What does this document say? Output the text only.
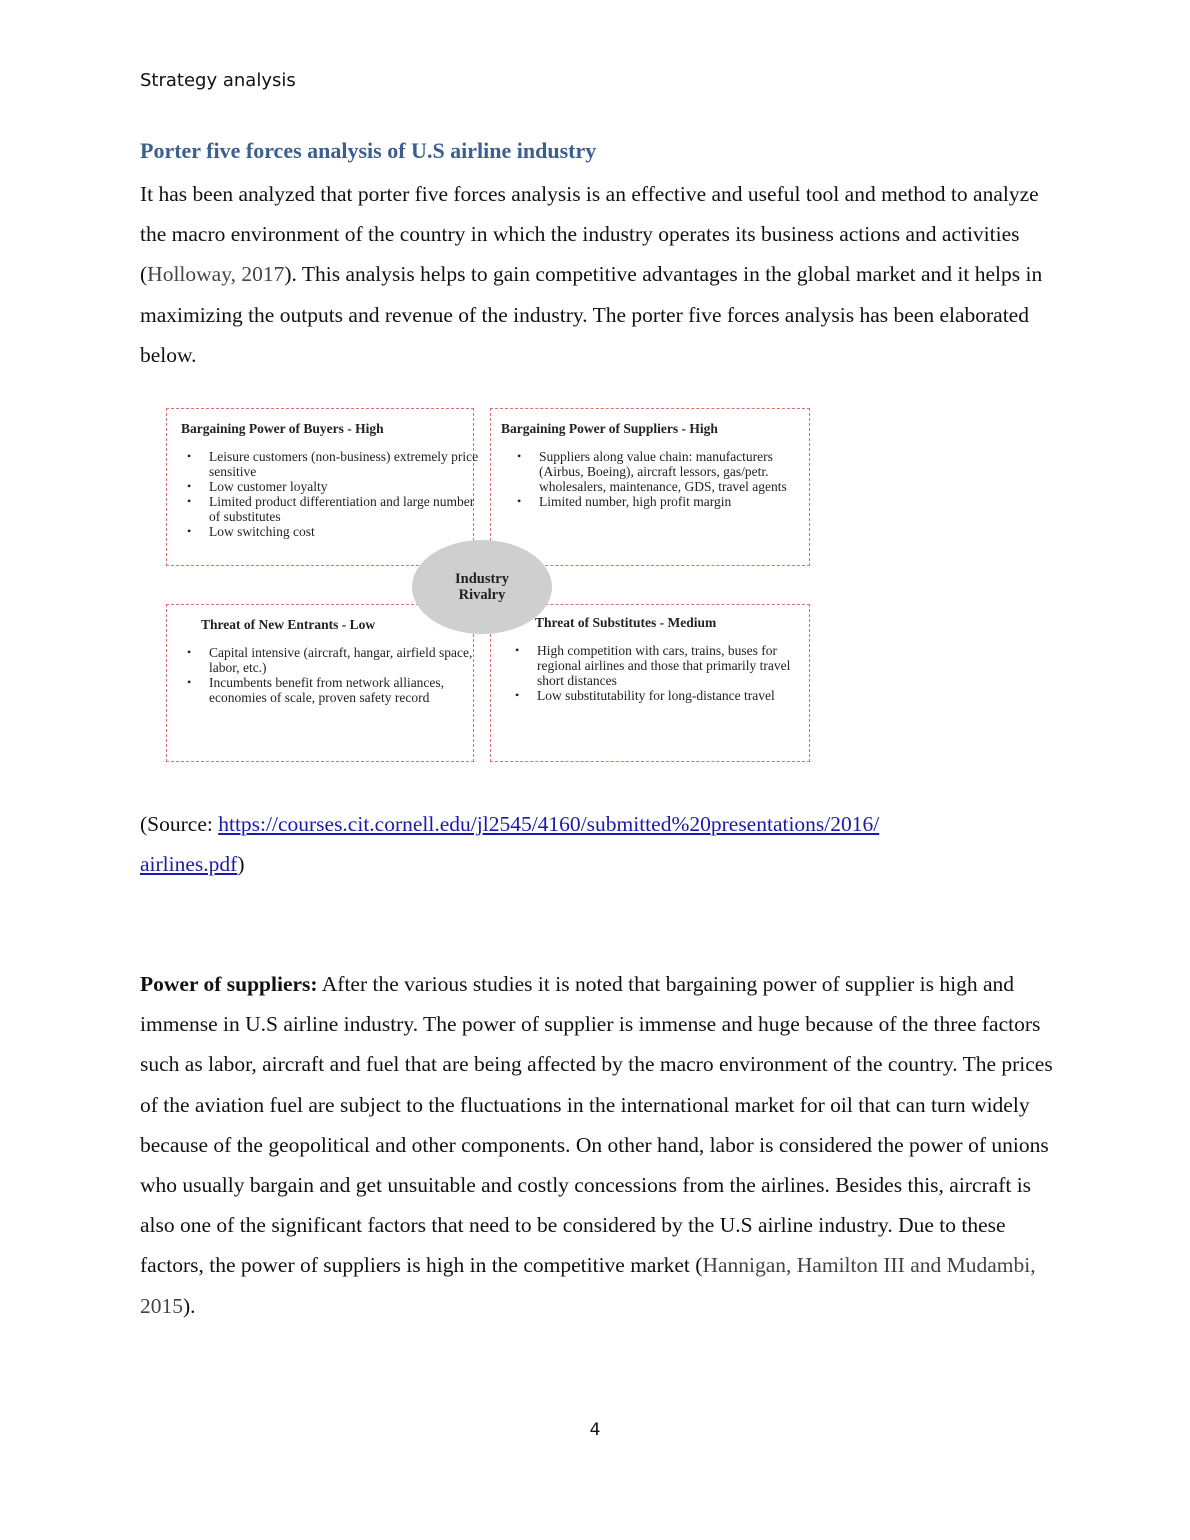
Strategy analysis
Porter five forces analysis of U.S airline industry

It has been analyzed that porter five forces analysis is an effective and useful tool and method to analyze the macro environment of the country in which the industry operates its business actions and activities (Holloway, 2017). This analysis helps to gain competitive advantages in the global market and it helps in maximizing the outputs and revenue of the industry. The porter five forces analysis has been elaborated below.

Bargaining Power of Buyers - High
• Leisure customers (non-business) extremely price sensitive
• Low customer loyalty
• Limited product differentiation and large number of substitutes
• Low switching cost
Bargaining Power of Suppliers - High
• Suppliers along value chain: manufacturers (Airbus, Boeing), aircraft lessors, gas/petr. wholesalers, maintenance, GDS, travel agents
• Limited number, high profit margin
Threat of New Entrants - Low
• Capital intensive (aircraft, hangar, airfield space, labor, etc.)
• Incumbents benefit from network alliances, economies of scale, proven safety record
Threat of Substitutes - Medium
• High competition with cars, trains, buses for regional airlines and those that primarily travel short distances
• Low substitutability for long-distance travel
Industry
Rivalry

(Source: https://courses.cit.cornell.edu/jl2545/4160/submitted%20presentations/2016/
airlines.pdf)

Power of suppliers: After the various studies it is noted that bargaining power of supplier is high and immense in U.S airline industry. The power of supplier is immense and huge because of the three factors such as labor, aircraft and fuel that are being affected by the macro environment of the country. The prices of the aviation fuel are subject to the fluctuations in the international market for oil that can turn widely because of the geopolitical and other components. On other hand, labor is considered the power of unions who usually bargain and get unsuitable and costly concessions from the airlines. Besides this, aircraft is also one of the significant factors that need to be considered by the U.S airline industry. Due to these factors, the power of suppliers is high in the competitive market (Hannigan, Hamilton III and Mudambi, 2015).

4
